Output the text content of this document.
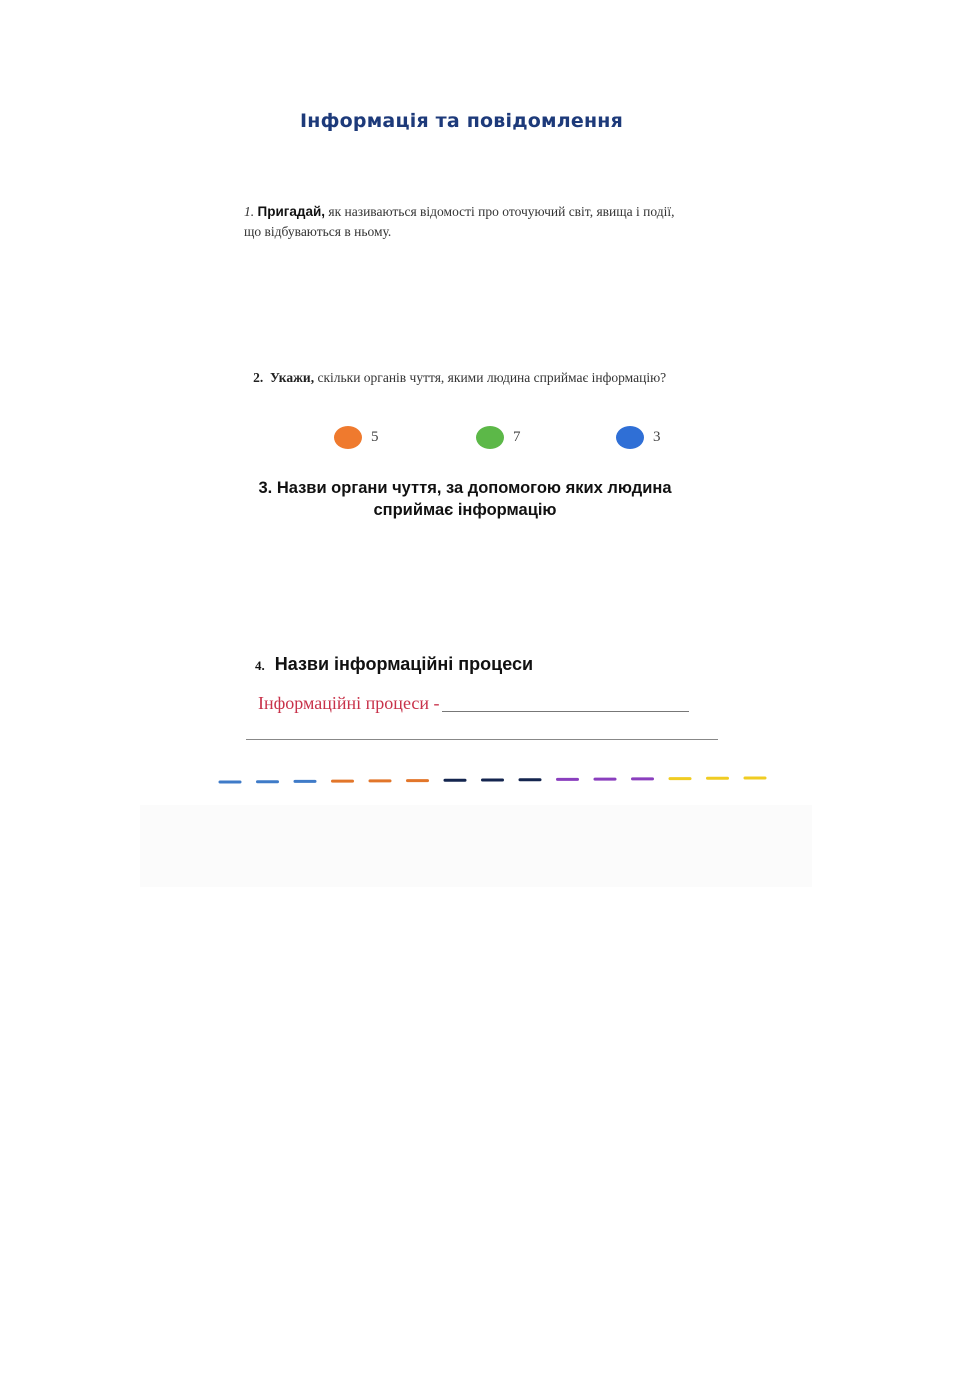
Інформація та повідомлення
1. Пригадай, як називаються відомості про оточуючий світ, явища і події, що відбуваються в ньому.
2. Укажи, скільки органів чуття, якими людина сприймає інформацію?
5	7	3
3. Назви органи чуття, за допомогою яких людина
сприймає інформацію
4. Назви інформаційні процеси
Інформаційні процеси -
